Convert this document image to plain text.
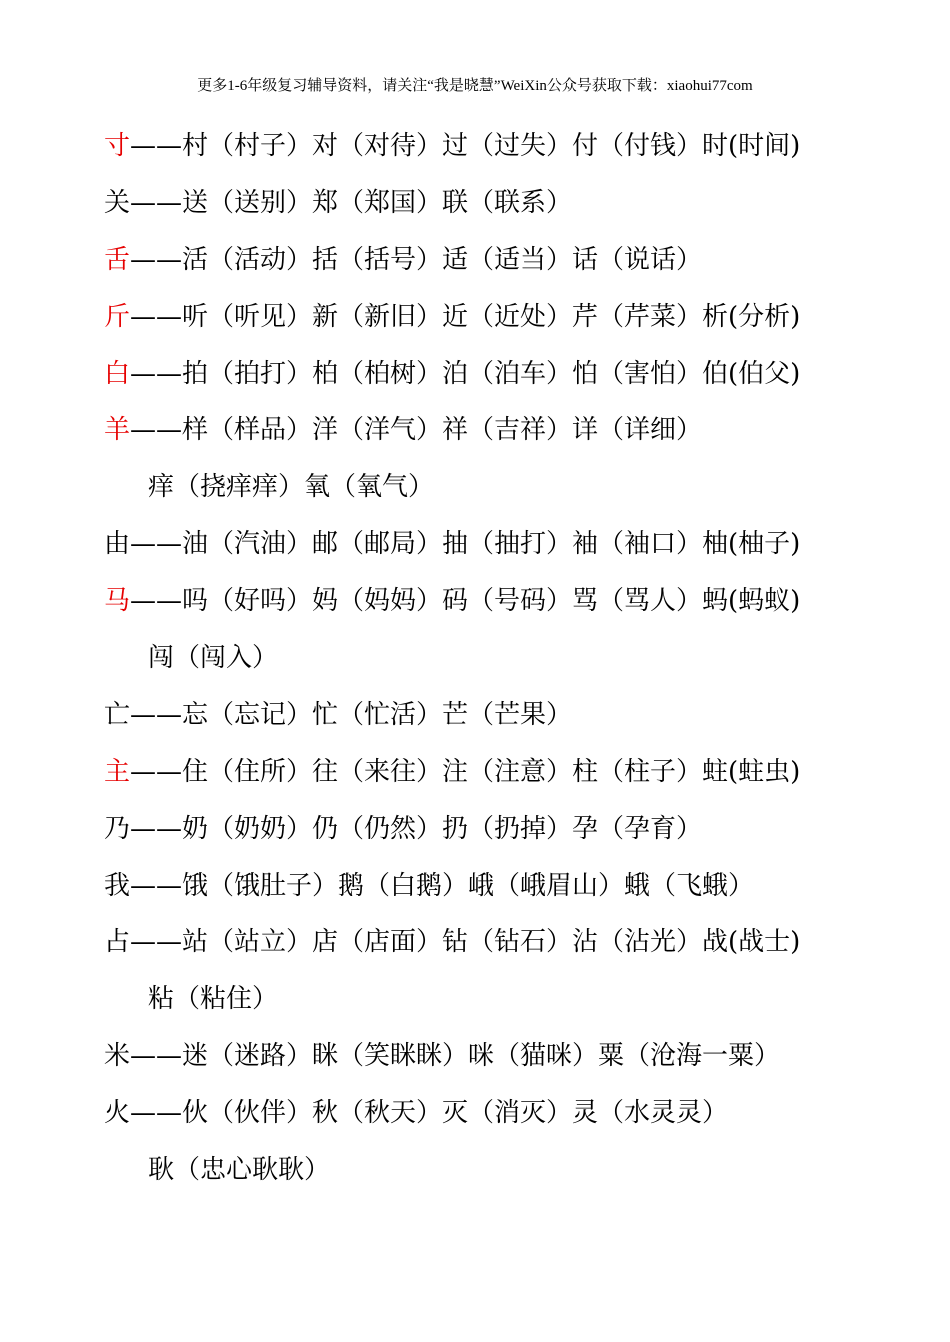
更多1-6年级复习辅导资料，请关注“我是晓慧”WeiXin公众号获取下载：xiaohui77com
寸——村（村子）对（对待）过（过失）付（付钱）时(时间)
关——送（送别）郑（郑国）联（联系）
舌——活（活动）括（括号）适（适当）话（说话）
斤——听（听见）新（新旧）近（近处）芹（芹菜）析(分析)
白——拍（拍打）柏（柏树）泊（泊车）怕（害怕）伯(伯父)
羊——样（样品）洋（洋气）祥（吉祥）详（详细）
痒（挠痒痒）氧（氧气）
由——油（汽油）邮（邮局）抽（抽打）袖（袖口）柚(柚子)
马——吗（好吗）妈（妈妈）码（号码）骂（骂人）蚂(蚂蚁)
闯（闯入）
亡——忘（忘记）忙（忙活）芒（芒果）
主——住（住所）往（来往）注（注意）柱（柱子）蛀(蛀虫)
乃——奶（奶奶）仍（仍然）扔（扔掉）孕（孕育）
我——饿（饿肚子）鹅（白鹅）峨（峨眉山）蛾（飞蛾）
占——站（站立）店（店面）钻（钻石）沾（沾光）战(战士)
粘（粘住）
米——迷（迷路）眯（笑眯眯）咪（猫咪）粟（沧海一粟）
火——伙（伙伴）秋（秋天）灭（消灭）灵（水灵灵）
耿（忠心耿耿）
